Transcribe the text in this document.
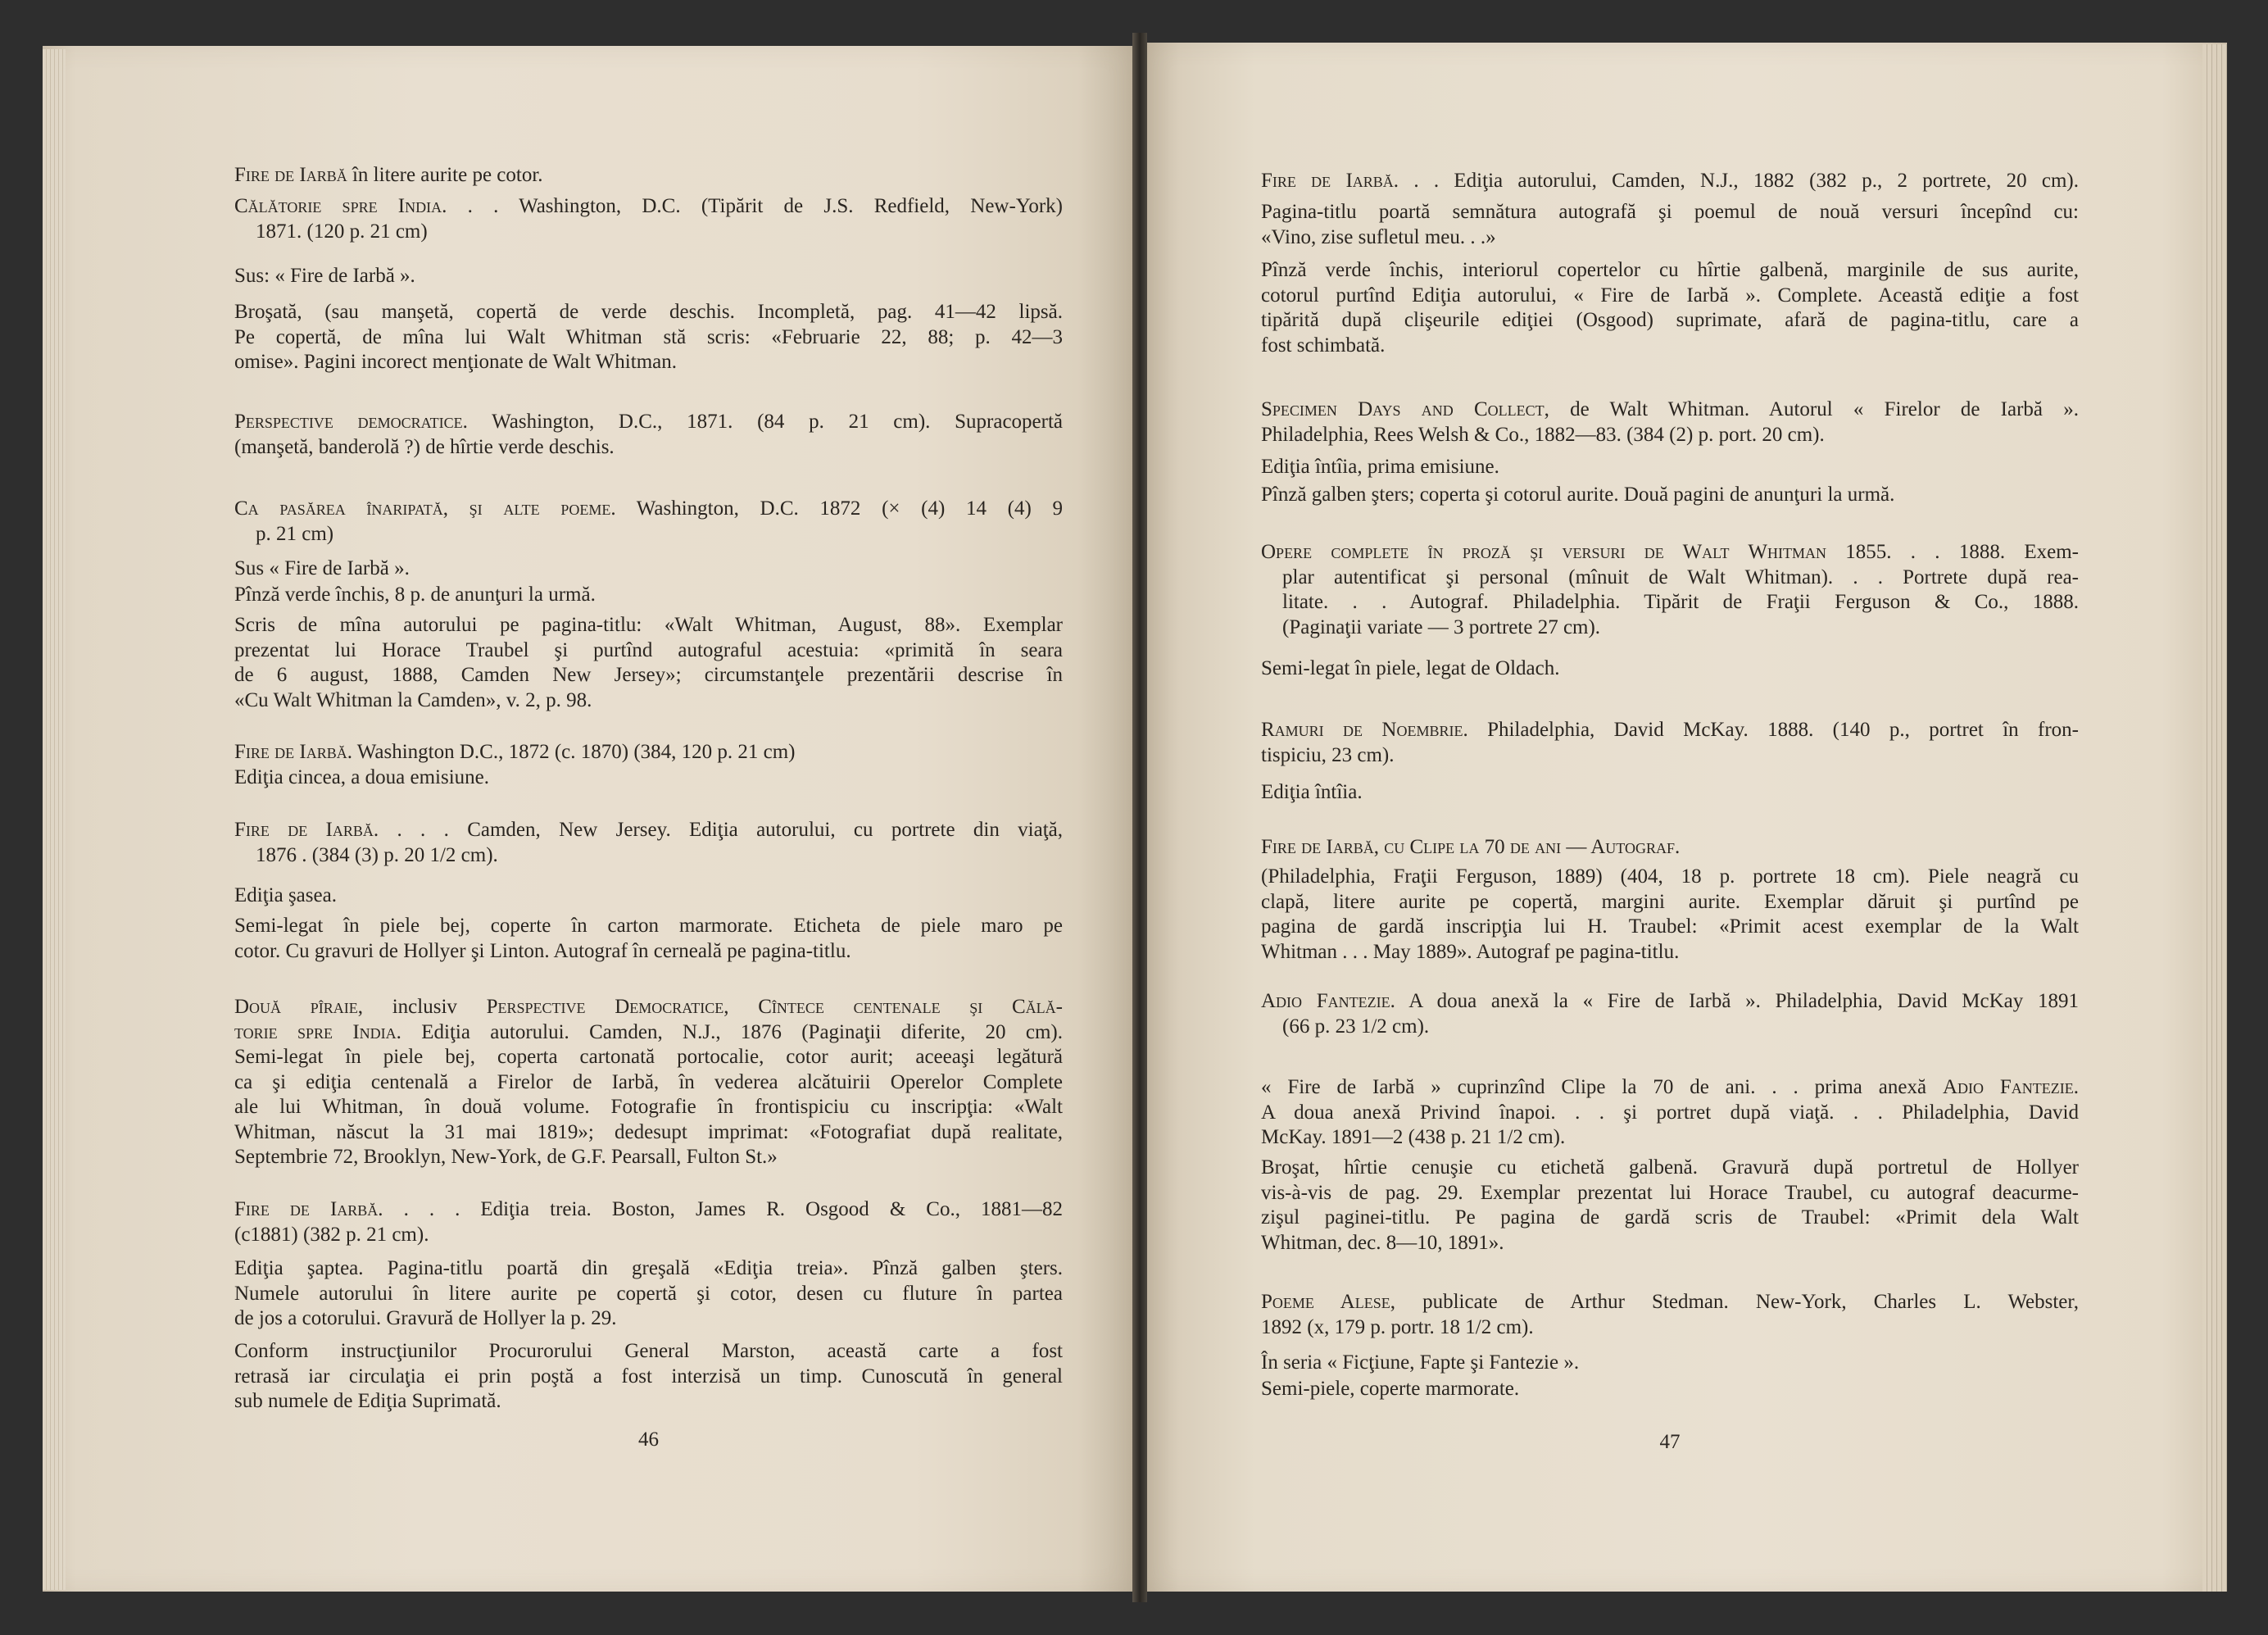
46
Fire de Iarbă în litere aurite pe cotor.
Călătorie spre India. . . Washington, D.C. (Tipărit de J.S. Redfield, New-York)
1871. (120 p. 21 cm)
Sus: « Fire de Iarbă ».
Broşată, (sau manşetă, copertă de verde deschis. Incompletă, pag. 41—42 lipsă.
Pe copertă, de mîna lui Walt Whitman stă scris: «Februarie 22, 88; p. 42—3
omise». Pagini incorect menţionate de Walt Whitman.
Perspective democratice. Washington, D.C., 1871. (84 p. 21 cm). Supracopertă
(manşetă, banderolă ?) de hîrtie verde deschis.
Ca pasărea înaripată, şi alte poeme. Washington, D.C. 1872 (× (4) 14 (4) 9
p. 21 cm)
Sus « Fire de Iarbă ».
Pînză verde închis, 8 p. de anunţuri la urmă.
Scris de mîna autorului pe pagina-titlu: «Walt Whitman, August, 88». Exemplar
prezentat lui Horace Traubel şi purtînd autograful acestuia: «primită în seara
de 6 august, 1888, Camden New Jersey»; circumstanţele prezentării descrise în
«Cu Walt Whitman la Camden», v. 2, p. 98.
Fire de Iarbă. Washington D.C., 1872 (c. 1870) (384, 120 p. 21 cm)
Ediţia cincea, a doua emisiune.
Fire de Iarbă. . . . Camden, New Jersey. Ediţia autorului, cu portrete din viaţă,
1876 . (384 (3) p. 20 1/2 cm).
Ediţia şasea.
Semi-legat în piele bej, coperte în carton marmorate. Eticheta de piele maro pe
cotor. Cu gravuri de Hollyer şi Linton. Autograf în cerneală pe pagina-titlu.
Două pîraie, inclusiv Perspective Democratice, Cîntece centenale şi Călă-
torie spre India. Ediţia autorului. Camden, N.J., 1876 (Paginaţii diferite, 20 cm).
Semi-legat în piele bej, coperta cartonată portocalie, cotor aurit; aceeaşi legătură
ca şi ediţia centenală a Firelor de Iarbă, în vederea alcătuirii Operelor Complete
ale lui Whitman, în două volume. Fotografie în frontispiciu cu inscripţia: «Walt
Whitman, născut la 31 mai 1819»; dedesupt imprimat: «Fotografiat după realitate,
Septembrie 72, Brooklyn, New-York, de G.F. Pearsall, Fulton St.»
Fire de Iarbă. . . . Ediţia treia. Boston, James R. Osgood & Co., 1881—82
(c1881) (382 p. 21 cm).
Ediţia şaptea. Pagina-titlu poartă din greşală «Ediţia treia». Pînză galben şters.
Numele autorului în litere aurite pe copertă şi cotor, desen cu fluture în partea
de jos a cotorului. Gravură de Hollyer la p. 29.
Conform instrucţiunilor Procurorului General Marston, această carte a fost
retrasă iar circulaţia ei prin poştă a fost interzisă un timp. Cunoscută în general
sub numele de Ediţia Suprimată.
47
Fire de Iarbă. . . Ediţia autorului, Camden, N.J., 1882 (382 p., 2 portrete, 20 cm).
Pagina-titlu poartă semnătura autografă şi poemul de nouă versuri începînd cu:
«Vino, zise sufletul meu. . .»
Pînză verde închis, interiorul copertelor cu hîrtie galbenă, marginile de sus aurite,
cotorul purtînd Ediţia autorului, « Fire de Iarbă ». Complete. Această ediţie a fost
tipărită după clişeurile ediţiei (Osgood) suprimate, afară de pagina-titlu, care a
fost schimbată.
Specimen Days and Collect, de Walt Whitman. Autorul « Firelor de Iarbă ».
Philadelphia, Rees Welsh & Co., 1882—83. (384 (2) p. port. 20 cm).
Ediţia întîia, prima emisiune.
Pînză galben şters; coperta şi cotorul aurite. Două pagini de anunţuri la urmă.
Opere complete în proză şi versuri de Walt Whitman 1855. . . 1888. Exem-
plar autentificat şi personal (mînuit de Walt Whitman). . . Portrete după rea-
litate. . . Autograf. Philadelphia. Tipărit de Fraţii Ferguson & Co., 1888.
(Paginaţii variate — 3 portrete 27 cm).
Semi-legat în piele, legat de Oldach.
Ramuri de Noembrie. Philadelphia, David McKay. 1888. (140 p., portret în fron-
tispiciu, 23 cm).
Ediţia întîia.
Fire de Iarbă, cu Clipe la 70 de ani — Autograf.
(Philadelphia, Fraţii Ferguson, 1889) (404, 18 p. portrete 18 cm). Piele neagră cu
clapă, litere aurite pe copertă, margini aurite. Exemplar dăruit şi purtînd pe
pagina de gardă inscripţia lui H. Traubel: «Primit acest exemplar de la Walt
Whitman . . . May 1889». Autograf pe pagina-titlu.
Adio Fantezie. A doua anexă la « Fire de Iarbă ». Philadelphia, David McKay 1891
(66 p. 23 1/2 cm).
« Fire de Iarbă » cuprinzînd Clipe la 70 de ani. . . prima anexă Adio Fantezie.
A doua anexă Privind înapoi. . . şi portret după viaţă. . . Philadelphia, David
McKay. 1891—2 (438 p. 21 1/2 cm).
Broşat, hîrtie cenuşie cu etichetă galbenă. Gravură după portretul de Hollyer
vis-à-vis de pag. 29. Exemplar prezentat lui Horace Traubel, cu autograf deacurme-
zişul paginei-titlu. Pe pagina de gardă scris de Traubel: «Primit dela Walt
Whitman, dec. 8—10, 1891».
Poeme Alese, publicate de Arthur Stedman. New-York, Charles L. Webster,
1892 (x, 179 p. portr. 18 1/2 cm).
În seria « Ficţiune, Fapte şi Fantezie ».
Semi-piele, coperte marmorate.
